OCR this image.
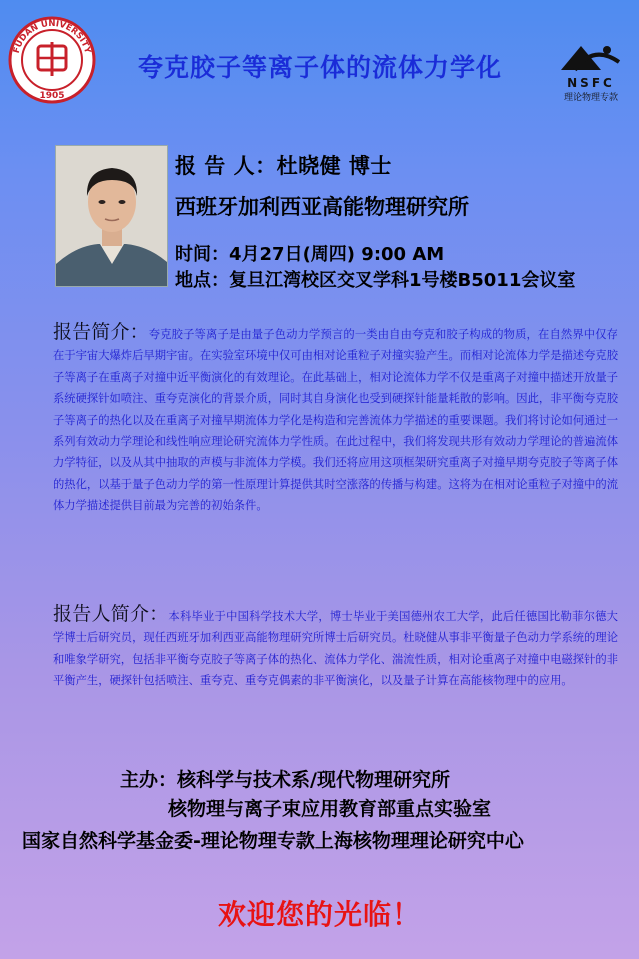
FUDAN UNIVERSITY
1905
夸克胶子等离子体的流体力学化
NSFC
理论物理专款
报 告 人：杜晓健 博士
西班牙加利西亚高能物理研究所
时间：4月27日(周四) 9:00 AM
地点：复旦江湾校区交叉学科1号楼B5011会议室
报告简介：夸克胶子等离子是由量子色动力学预言的一类由自由夸克和胶子构成的物质，在自然界中仅存在于宇宙大爆炸后早期宇宙。在实验室环境中仅可由相对论重粒子对撞实验产生。而相对论流体力学是描述夸克胶子等离子在重离子对撞中近平衡演化的有效理论。在此基础上，相对论流体力学不仅是重离子对撞中描述开放量子系统硬探针如喷注、重夸克演化的背景介质，同时其自身演化也受到硬探针能量耗散的影响。因此，非平衡夸克胶子等离子的热化以及在重离子对撞早期流体力学化是构造和完善流体力学描述的重要课题。我们将讨论如何通过一系列有效动力学理论和线性响应理论研究流体力学性质。在此过程中，我们将发现共形有效动力学理论的普遍流体力学特征，以及从其中抽取的声模与非流体力学模。我们还将应用这项框架研究重离子对撞早期夸克胶子等离子体的热化，以基于量子色动力学的第一性原理计算提供其时空涨落的传播与构建。这将为在相对论重粒子对撞中的流体力学描述提供目前最为完善的初始条件。
报告人简介：本科毕业于中国科学技术大学，博士毕业于美国德州农工大学，此后任德国比勒菲尔德大学博士后研究员，现任西班牙加利西亚高能物理研究所博士后研究员。杜晓健从事非平衡量子色动力学系统的理论和唯象学研究，包括非平衡夸克胶子等离子体的热化、流体力学化、湍流性质，相对论重离子对撞中电磁探针的非平衡产生，硬探针包括喷注、重夸克、重夸克偶素的非平衡演化，以及量子计算在高能核物理中的应用。
主办：核科学与技术系/现代物理研究所
核物理与离子束应用教育部重点实验室
国家自然科学基金委-理论物理专款上海核物理理论研究中心
欢迎您的光临！
